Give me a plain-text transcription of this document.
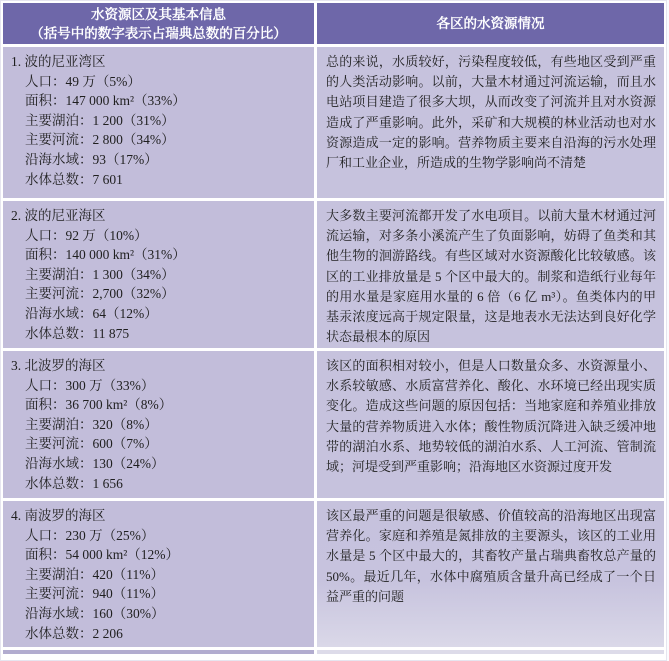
水资源区及其基本信息
（括号中的数字表示占瑞典总数的百分比）
各区的水资源情况
1. 波的尼亚湾区
人口：49 万（5%）
面积：147 000 km²（33%）
主要湖泊：1 200（31%）
主要河流：2 800（34%）
沿海水域：93（17%）
水体总数：7 601
总的来说，水质较好，污染程度较低，有些地区受到严重的人类活动影响。以前，大量木材通过河流运输，而且水电站项目建造了很多大坝，从而改变了河流并且对水资源造成了严重影响。此外，采矿和大规模的林业活动也对水资源造成一定的影响。营养物质主要来自沿海的污水处理厂和工业企业，所造成的生物学影响尚不清楚
2. 波的尼亚海区
人口：92 万（10%）
面积：140 000 km²（31%）
主要湖泊：1 300（34%）
主要河流：2,700（32%）
沿海水域：64（12%）
水体总数：11 875
大多数主要河流都开发了水电项目。以前大量木材通过河流运输，对多条小溪流产生了负面影响，妨碍了鱼类和其他生物的洄游路线。有些区域对水资源酸化比较敏感。该区的工业排放量是 5 个区中最大的。制浆和造纸行业每年的用水量是家庭用水量的 6 倍（6 亿 m³）。鱼类体内的甲基汞浓度远高于规定限量，这是地表水无法达到良好化学状态最根本的原因
3. 北波罗的海区
人口：300 万（33%）
面积：36 700 km²（8%）
主要湖泊：320（8%）
主要河流：600（7%）
沿海水域：130（24%）
水体总数：1 656
该区的面积相对较小，但是人口数量众多、水资源量小、水系较敏感、水质富营养化、酸化、水环境已经出现实质变化。造成这些问题的原因包括：当地家庭和养殖业排放大量的营养物质进入水体；酸性物质沉降进入缺乏缓冲地带的湖泊水系、地势较低的湖泊水系、人工河流、管制流域；河堤受到严重影响；沿海地区水资源过度开发
4. 南波罗的海区
人口：230 万（25%）
面积：54 000 km²（12%）
主要湖泊：420（11%）
主要河流：940（11%）
沿海水域：160（30%）
水体总数：2 206
该区最严重的问题是很敏感、价值较高的沿海地区出现富营养化。家庭和养殖是氮排放的主要源头，该区的工业用水量是 5 个区中最大的，其畜牧产量占瑞典畜牧总产量的 50%。最近几年，水体中腐殖质含量升高已经成了一个日益严重的问题
